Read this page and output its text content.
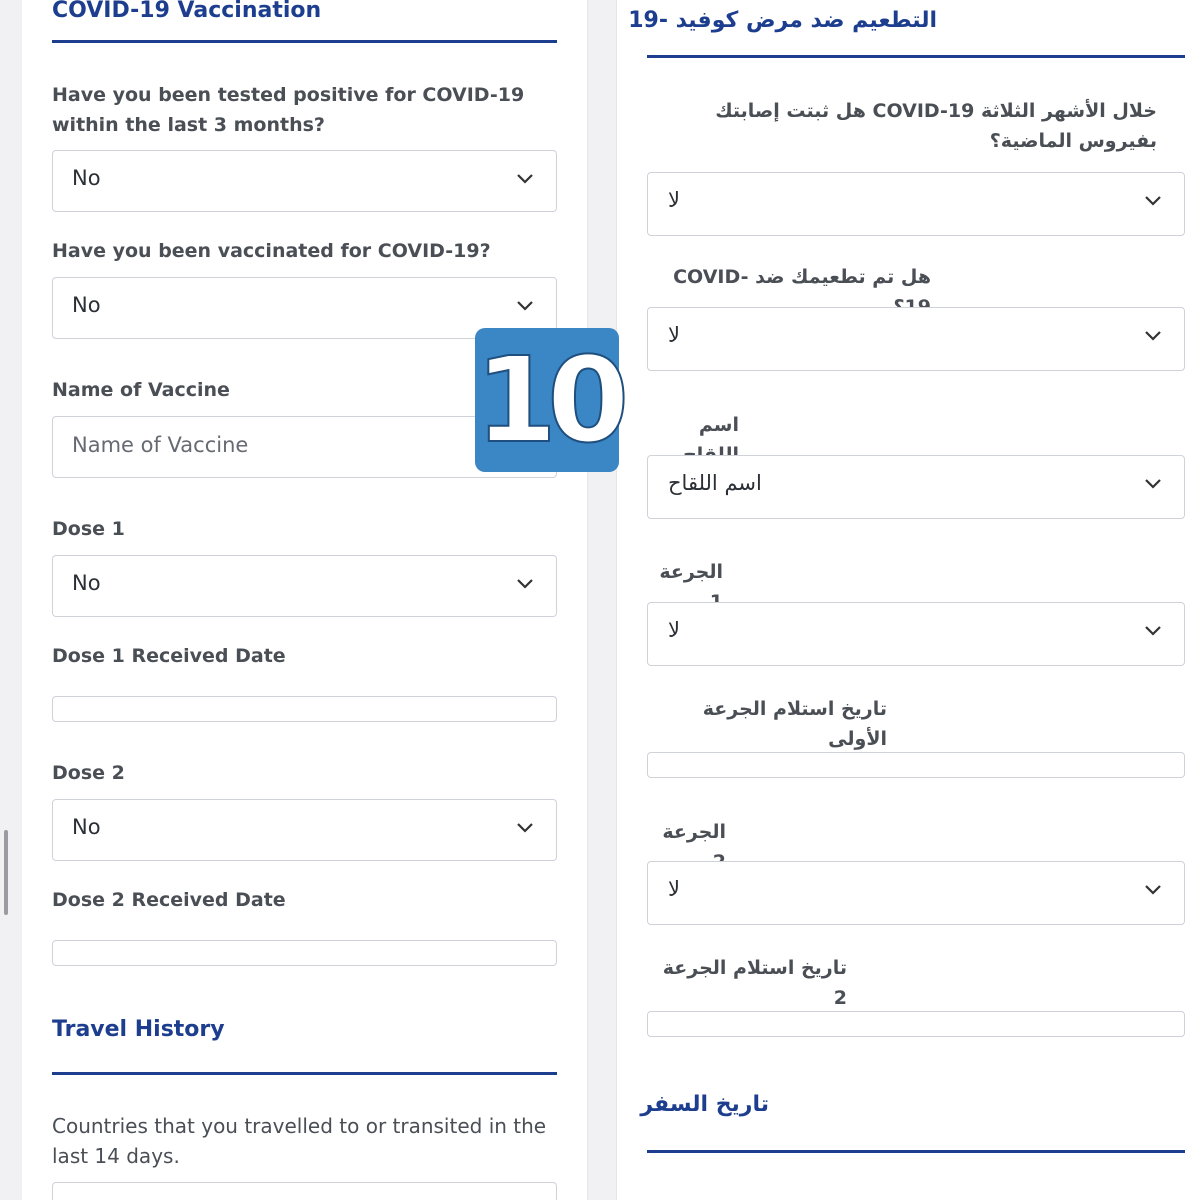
COVID-19 Vaccination
Have you been tested positive for COVID-19 within the last 3 months?
No
Have you been vaccinated for COVID-19?
No
Name of Vaccine
Name of Vaccine
Dose 1
No
Dose 1 Received Date
Dose 2
No
Dose 2 Received Date
Travel History
Countries that you travelled to or transited in the last 14 days.
التطعيم ضد مرض كوفيد -19
خلال الأشهر الثلاثة COVID-19 هل ثبتت إصابتك بفيروس الماضية؟
لا
هل تم تطعيمك ضد COVID-
لا
اسم
اسم اللقاح
الجرعة
لا
تاريخ استلام الجرعة الأولى
الجرعة
لا
تاريخ استلام الجرعة 2
تاريخ السفر
10
